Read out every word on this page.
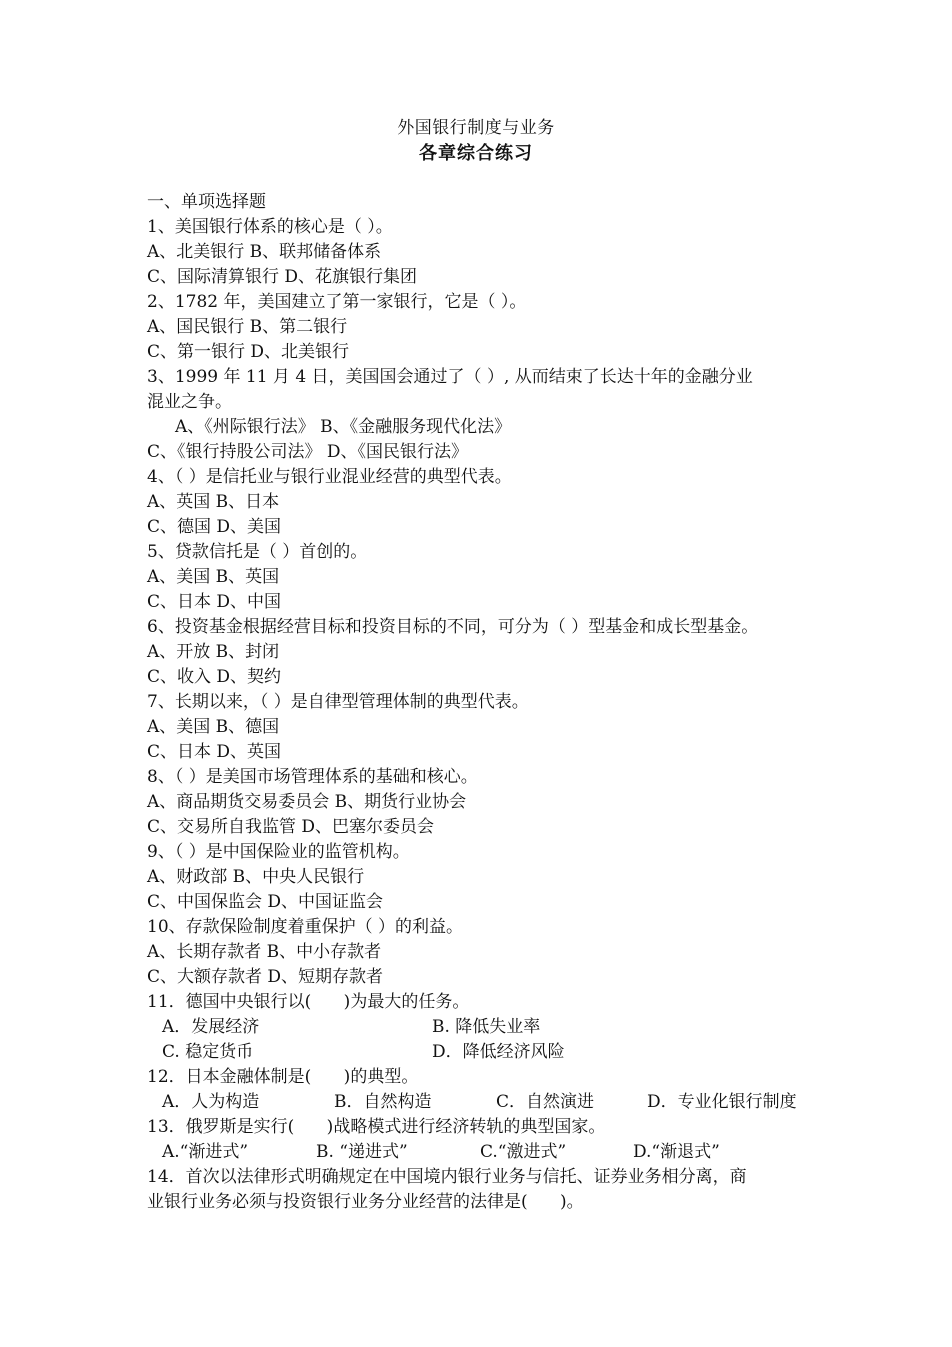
外国银行制度与业务
各章综合练习
一、单项选择题
1、美国银行体系的核心是（ ）。
A、北美银行 B、联邦储备体系
C、国际清算银行 D、花旗银行集团
2、1782 年，美国建立了第一家银行，它是（ ）。
A、国民银行 B、第二银行
C、第一银行 D、北美银行
3、1999 年 11 月 4 日，美国国会通过了（ ）, 从而结束了长达十年的金融分业
混业之争。
A、《州际银行法》 B、《金融服务现代化法》
C、《银行持股公司法》 D、《国民银行法》
4、（ ）是信托业与银行业混业经营的典型代表。
A、英国 B、日本
C、德国 D、美国
5、贷款信托是（ ）首创的。
A、美国 B、英国
C、日本 D、中国
6、投资基金根据经营目标和投资目标的不同，可分为（ ）型基金和成长型基金。
A、开放 B、封闭
C、收入 D、契约
7、长期以来，（ ）是自律型管理体制的典型代表。
A、美国 B、德国
C、日本 D、英国
8、（ ）是美国市场管理体系的基础和核心。
A、商品期货交易委员会 B、期货行业协会
C、交易所自我监管 D、巴塞尔委员会
9、（ ）是中国保险业的监管机构。
A、财政部 B、中央人民银行
C、中国保监会 D、中国证监会
10、存款保险制度着重保护（ ）的利益。
A、长期存款者 B、中小存款者
C、大额存款者 D、短期存款者
11．德国中央银行以(      )为最大的任务。
A．发展经济	B. 降低失业率
C. 稳定货币	D．降低经济风险
12．日本金融体制是(      )的典型。
A．人为构造	B．自然构造	C．自然演进	D．专业化银行制度
13．俄罗斯是实行(      )战略模式进行经济转轨的典型国家。
A.“渐进式”	B. “递进式”	C.“激进式”	D.“渐退式”
14．首次以法律形式明确规定在中国境内银行业务与信托、证券业务相分离，商
业银行业务必须与投资银行业务分业经营的法律是(      )。
